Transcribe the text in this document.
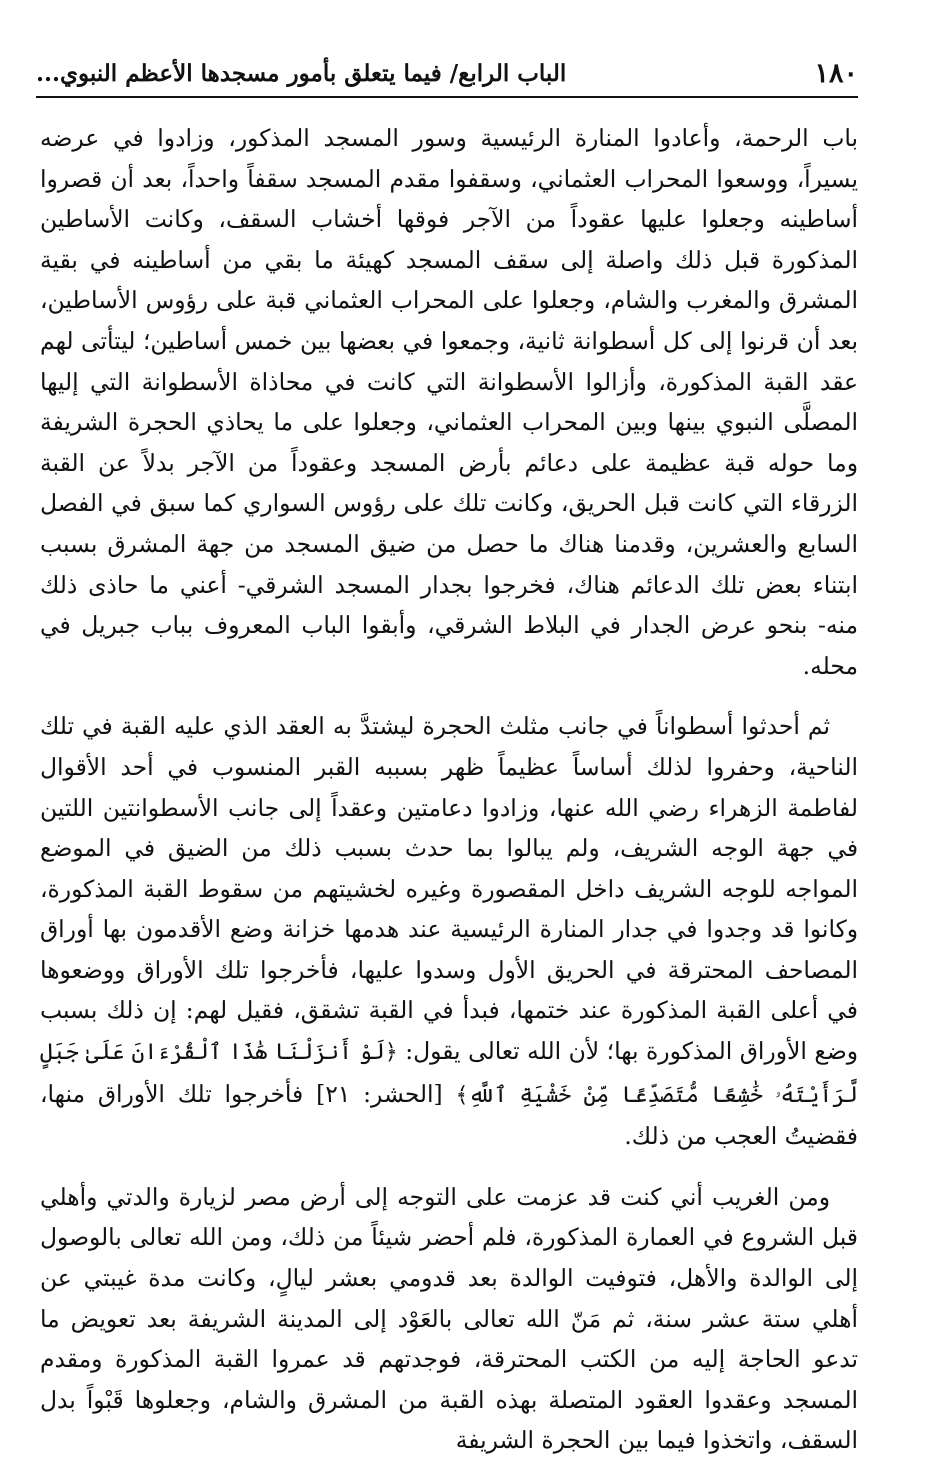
١٨٠
الباب الرابع/ فيما يتعلق بأمور مسجدها الأعظم النبوي...

باب الرحمة، وأعادوا المنارة الرئيسية وسور المسجد المذكور، وزادوا في عرضه يسيراً، ووسعوا المحراب العثماني، وسقفوا مقدم المسجد سقفاً واحداً، بعد أن قصروا أساطينه وجعلوا عليها عقوداً من الآجر فوقها أخشاب السقف، وكانت الأساطين المذكورة قبل ذلك واصلة إلى سقف المسجد كهيئة ما بقي من أساطينه في بقية المشرق والمغرب والشام، وجعلوا على المحراب العثماني قبة على رؤوس الأساطين، بعد أن قرنوا إلى كل أسطوانة ثانية، وجمعوا في بعضها بين خمس أساطين؛ ليتأتى لهم عقد القبة المذكورة، وأزالوا الأسطوانة التي كانت في محاذاة الأسطوانة التي إليها المصلَّى النبوي بينها وبين المحراب العثماني، وجعلوا على ما يحاذي الحجرة الشريفة وما حوله قبة عظيمة على دعائم بأرض المسجد وعقوداً من الآجر بدلاً عن القبة الزرقاء التي كانت قبل الحريق، وكانت تلك على رؤوس السواري كما سبق في الفصل السابع والعشرين، وقدمنا هناك ما حصل من ضيق المسجد من جهة المشرق بسبب ابتناء بعض تلك الدعائم هناك، فخرجوا بجدار المسجد الشرقي- أعني ما حاذى ذلك منه- بنحو عرض الجدار في البلاط الشرقي، وأبقوا الباب المعروف بباب جبريل في محله.

ثم أحدثوا أسطواناً في جانب مثلث الحجرة ليشتدَّ به العقد الذي عليه القبة في تلك الناحية، وحفروا لذلك أساساً عظيماً ظهر بسببه القبر المنسوب في أحد الأقوال لفاطمة الزهراء رضي الله عنها، وزادوا دعامتين وعقداً إلى جانب الأسطوانتين اللتين في جهة الوجه الشريف، ولم يبالوا بما حدث بسبب ذلك من الضيق في الموضع المواجه للوجه الشريف داخل المقصورة وغيره لخشيتهم من سقوط القبة المذكورة، وكانوا قد وجدوا في جدار المنارة الرئيسية عند هدمها خزانة وضع الأقدمون بها أوراق المصاحف المحترقة في الحريق الأول وسدوا عليها، فأخرجوا تلك الأوراق ووضعوها في أعلى القبة المذكورة عند ختمها، فبدأ في القبة تشقق، فقيل لهم: إن ذلك بسبب وضع الأوراق المذكورة بها؛ لأن الله تعالى يقول: ﴿لَوْ أَنزَلْنَا هَٰذَا ٱلْقُرْءَانَ عَلَىٰ جَبَلٍ لَّرَأَيْتَهُۥ خَٰشِعًا مُّتَصَدِّعًا مِّنْ خَشْيَةِ ٱللَّهِ﴾ [الحشر: ٢١] فأخرجوا تلك الأوراق منها، فقضيتُ العجب من ذلك.

ومن الغريب أني كنت قد عزمت على التوجه إلى أرض مصر لزيارة والدتي وأهلي قبل الشروع في العمارة المذكورة، فلم أحضر شيئاً من ذلك، ومن الله تعالى بالوصول إلى الوالدة والأهل، فتوفيت الوالدة بعد قدومي بعشر ليالٍ، وكانت مدة غيبتي عن أهلي ستة عشر سنة، ثم مَنّ الله تعالى بالعَوْد إلى المدينة الشريفة بعد تعويض ما تدعو الحاجة إليه من الكتب المحترقة، فوجدتهم قد عمروا القبة المذكورة ومقدم المسجد وعقدوا العقود المتصلة بهذه القبة من المشرق والشام، وجعلوها قَبْواً بدل السقف، واتخذوا فيما بين الحجرة الشريفة
